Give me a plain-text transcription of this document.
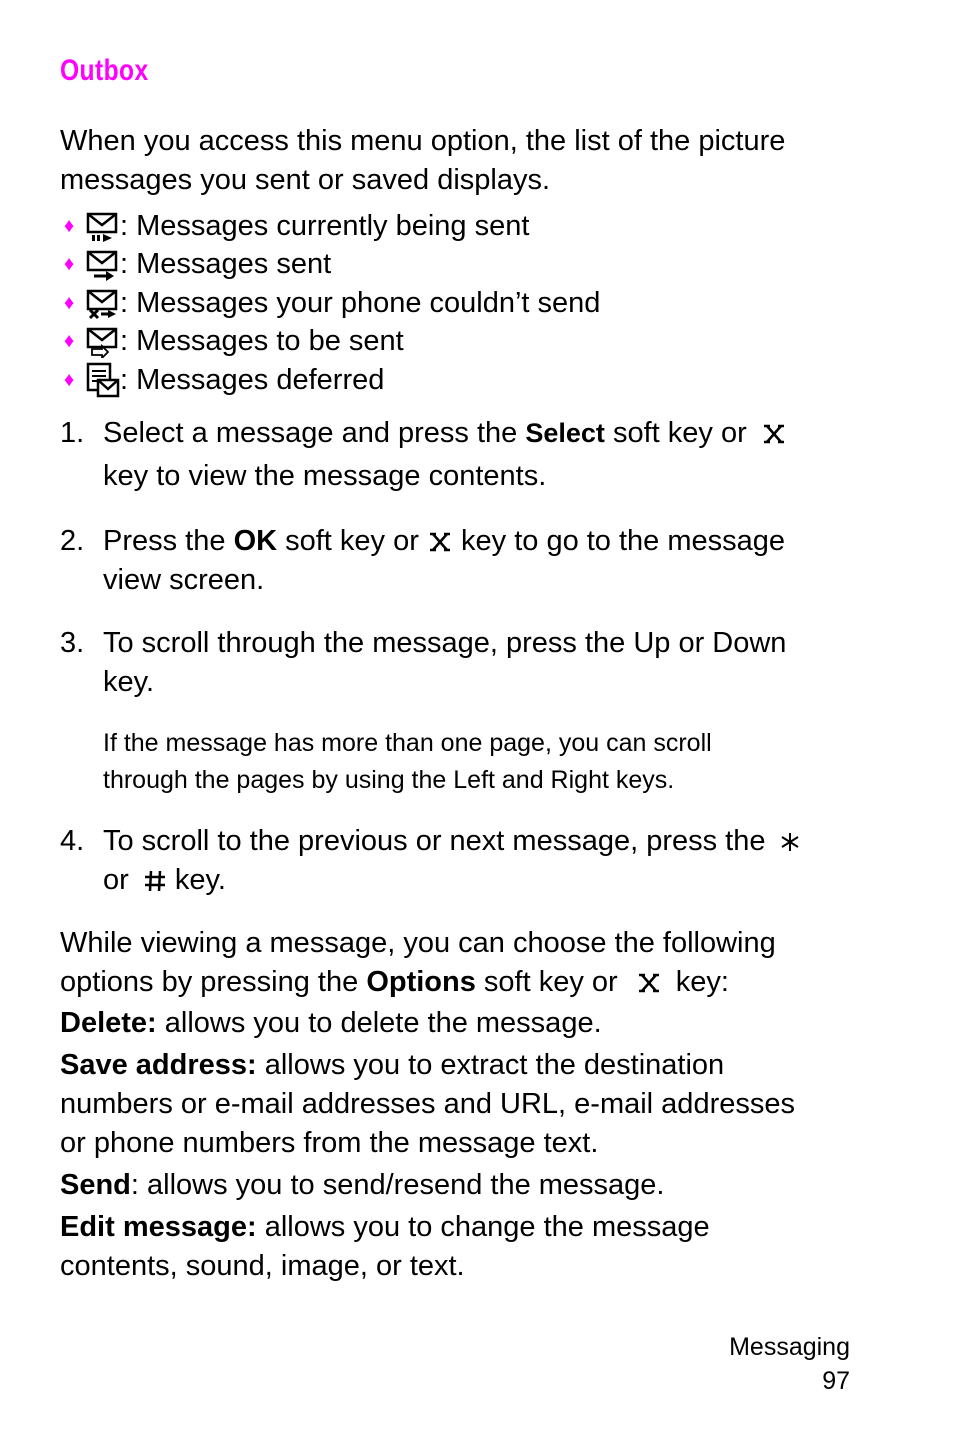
Outbox
When you access this menu option, the list of the picture
messages you sent or saved displays.
♦	: Messages currently being sent
♦	: Messages sent
♦	: Messages your phone couldn’t send
♦	: Messages to be sent
♦	: Messages deferred
1. Select a message and press the Select soft key or
key to view the message contents.
2. Press the OK soft key or
key to go to the message
view screen.
3. To scroll through the message, press the Up or Down
key.
If the message has more than one page, you can scroll
through the pages by using the Left and Right keys.
4. To scroll to the previous or next message, press the
or
key.
While viewing a message, you can choose the following
options by pressing the Options soft key or key:
Delete: allows you to delete the message.
Save address: allows you to extract the destination
numbers or e-mail addresses and URL, e-mail addresses
or phone numbers from the message text.
Send: allows you to send/resend the message.
Edit message: allows you to change the message
contents, sound, image, or text.
Messaging
97
